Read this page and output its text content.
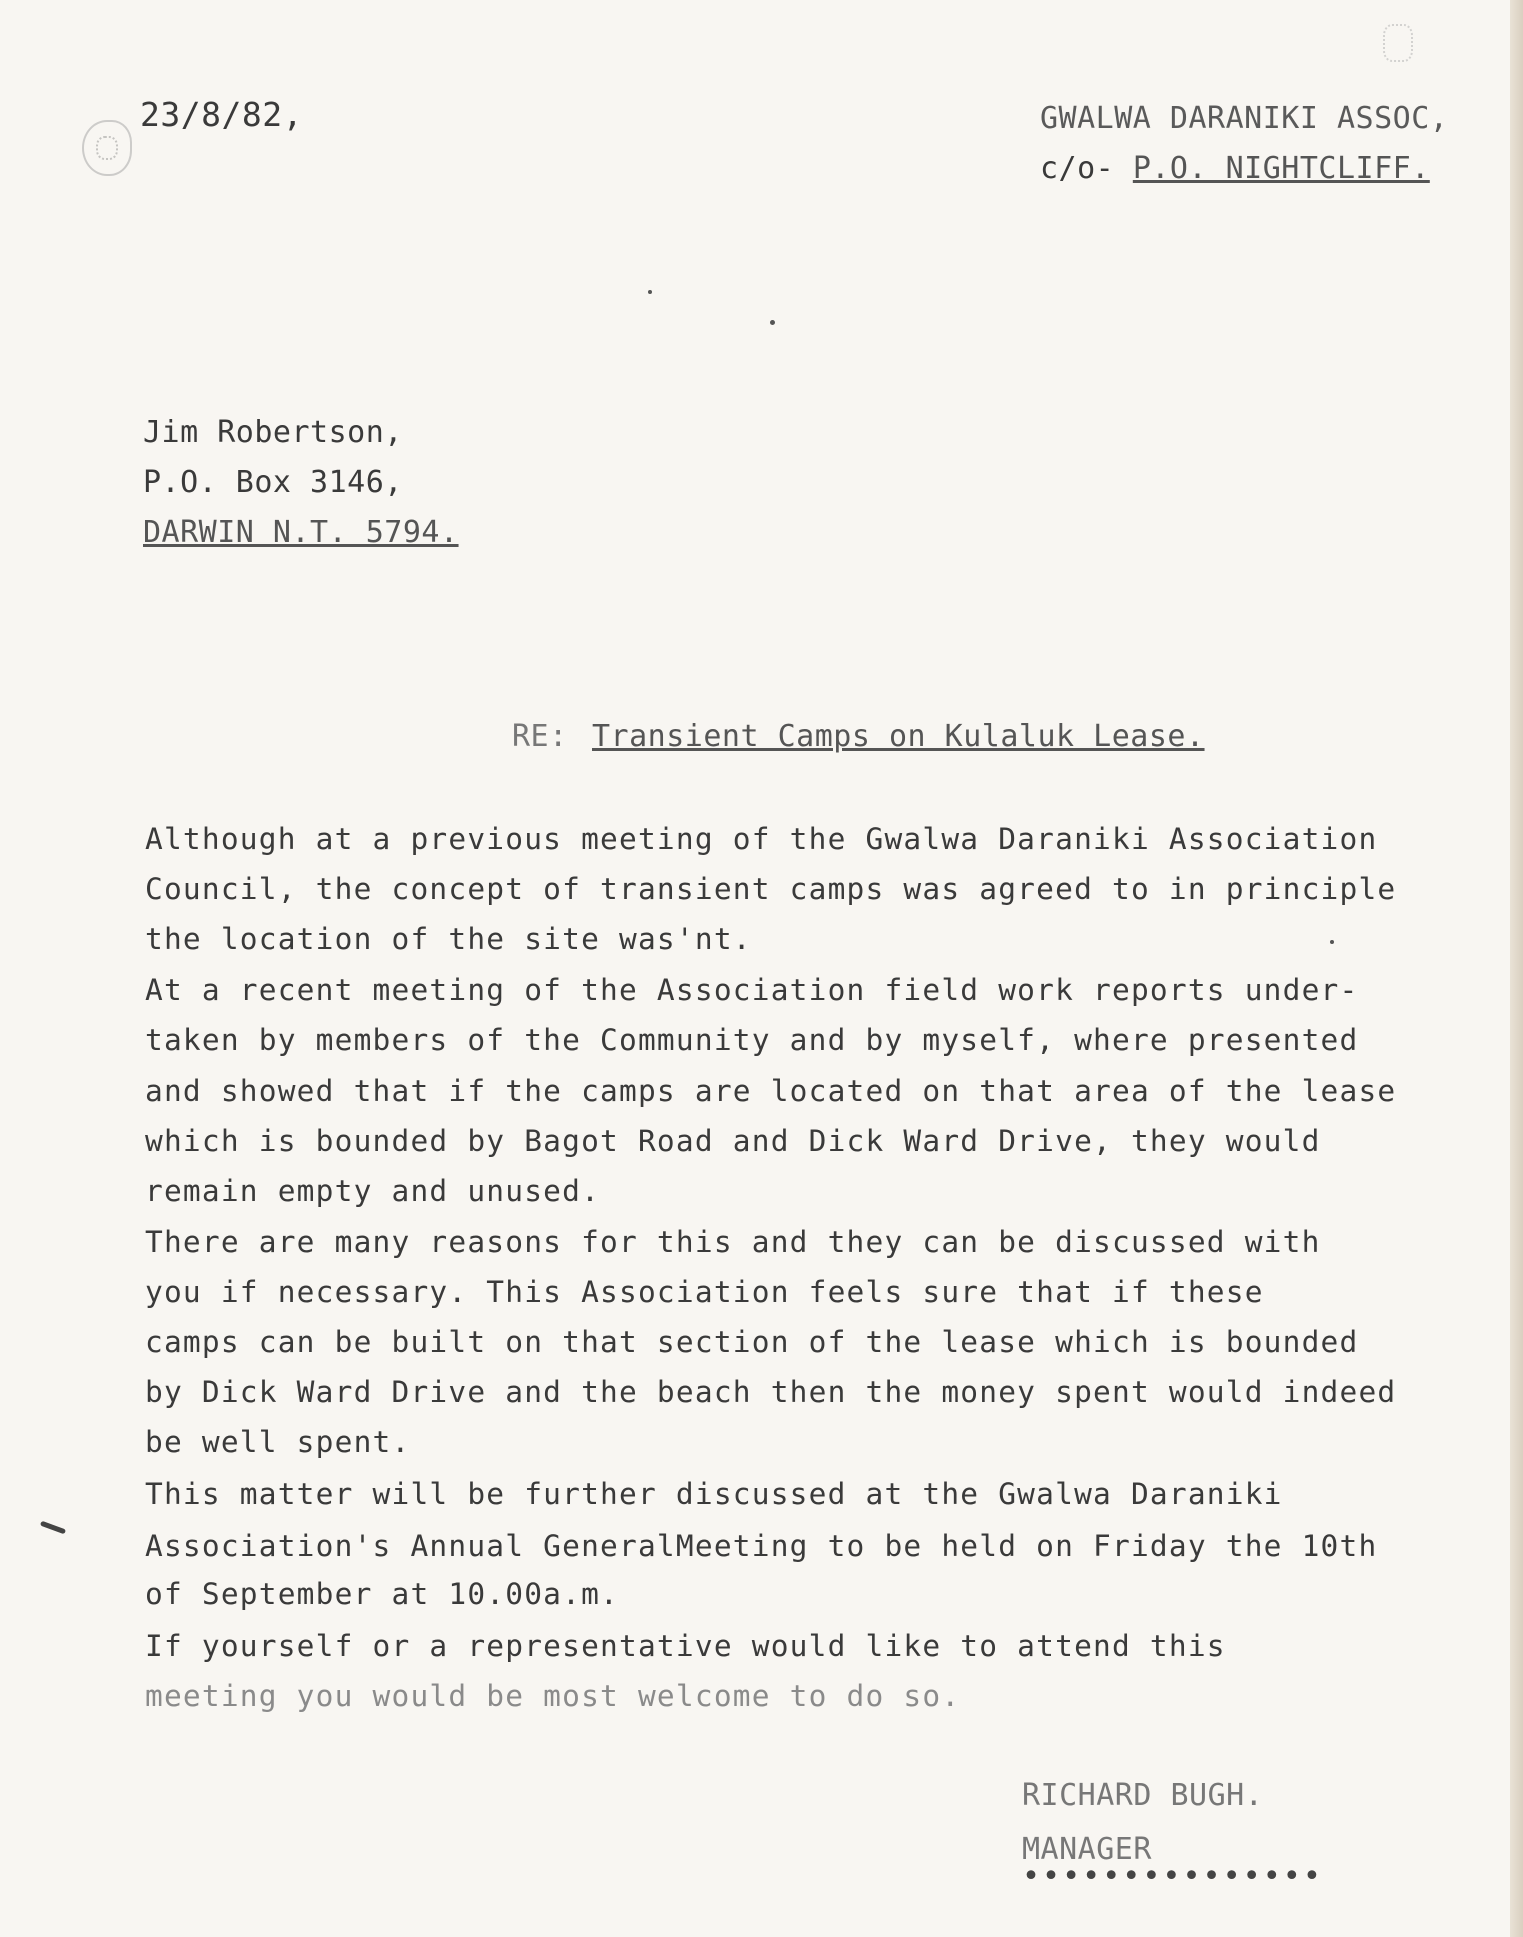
23/8/82,	GWALWA DARANIKI ASSOC,
c/o- P.O. NIGHTCLIFF.
Jim Robertson,
P.O. Box 3146,
DARWIN N.T. 5794.
RE: Transient Camps on Kulaluk Lease.
Although at a previous meeting of the Gwalwa Daraniki Association
Council, the concept of transient camps was agreed to in principle
the location of the site was'nt.
At a recent meeting of the Association field work reports under-
taken by members of the Community and by myself, where presented
and showed that if the camps are located on that area of the lease
which is bounded by Bagot Road and Dick Ward Drive, they would
remain empty and unused.
There are many reasons for this and they can be discussed with
you if necessary. This Association feels sure that if these
camps can be built on that section of the lease which is bounded
by Dick Ward Drive and the beach then the money spent would indeed
be well spent.
This matter will be further discussed at the Gwalwa Daraniki
Association's Annual GeneralMeeting to be held on Friday the 10th
of September at 10.00a.m.
If yourself or a representative would like to attend this
meeting you would be most welcome to do so.
RICHARD BUGH.
MANAGER
•••••••••••••••
